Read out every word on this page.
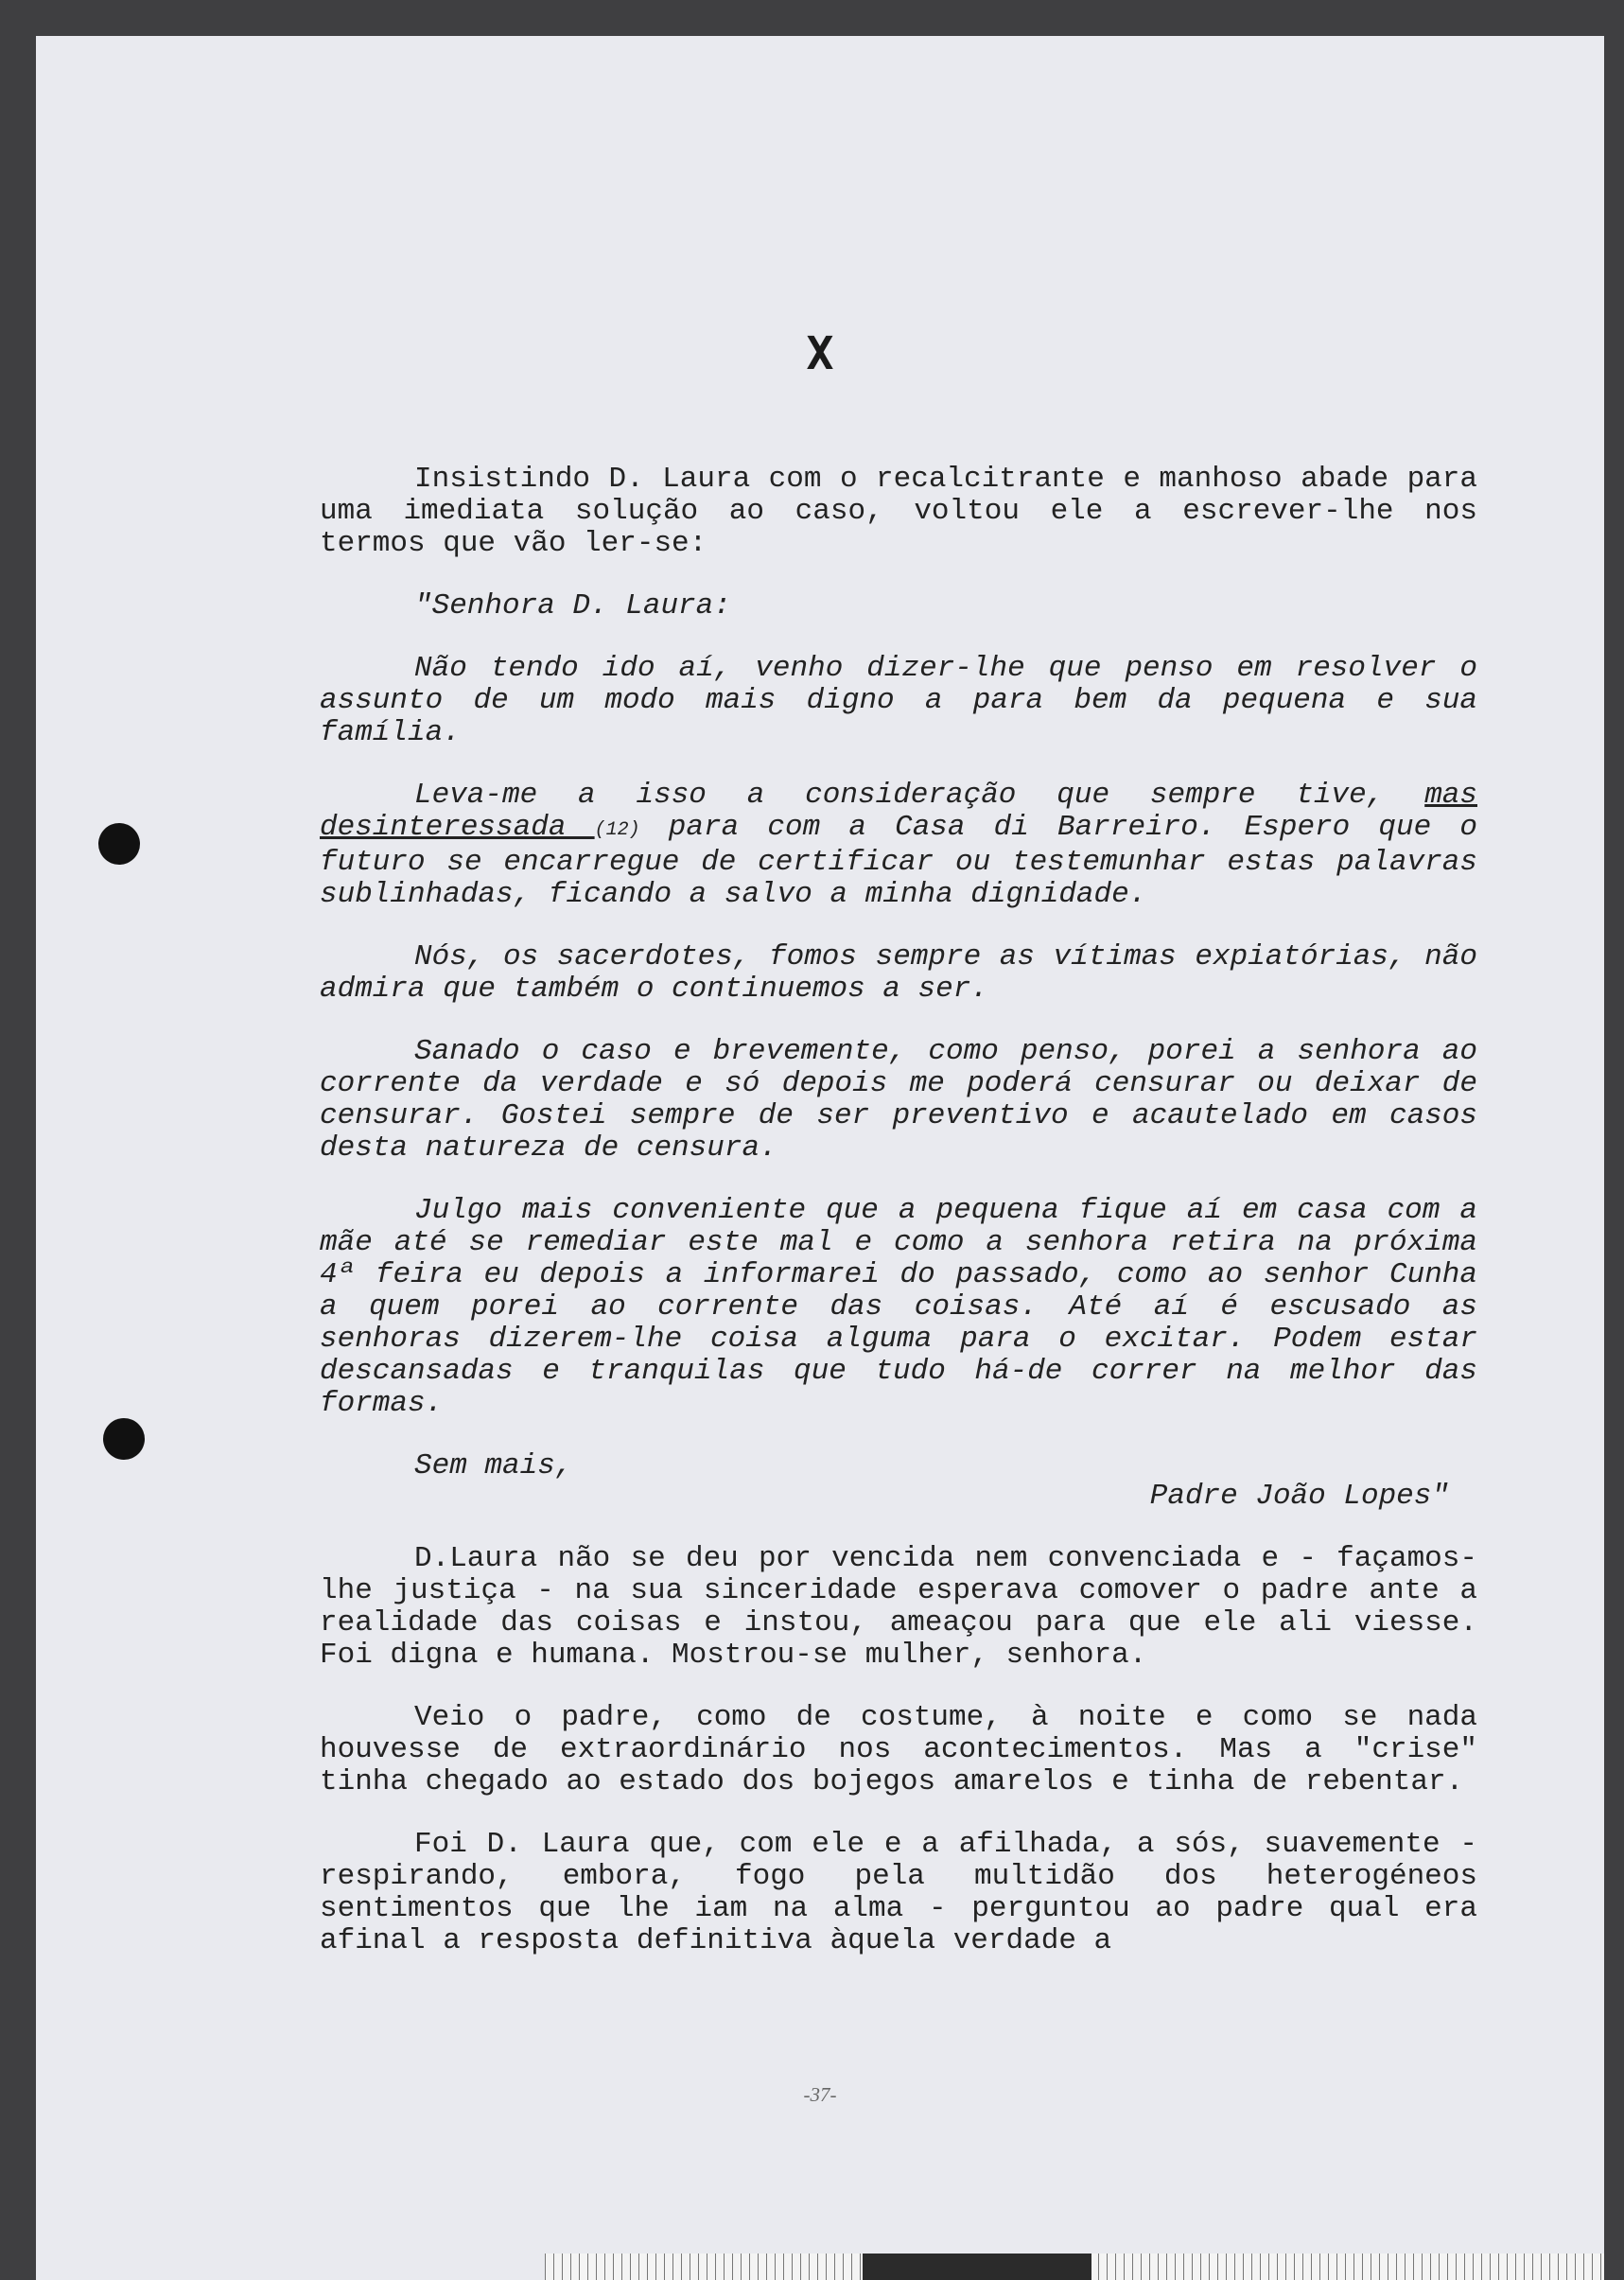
X

Insistindo D. Laura com o recalcitrante e manhoso abade para uma imediata solução ao caso, voltou ele a escrever-lhe nos termos que vão ler-se:

"Senhora D. Laura:

Não tendo ido aí, venho dizer-lhe que penso em resolver o assunto de um modo mais digno a para bem da pequena e sua família.

Leva-me a isso a consideração que sempre tive, mas desinteressada (12) para com a Casa di Barreiro. Espero que o futuro se encarregue de certificar ou testemunhar estas palavras sublinhadas, ficando a salvo a minha dignidade.

Nós, os sacerdotes, fomos sempre as vítimas expiatórias, não admira que também o continuemos a ser.

Sanado o caso e brevemente, como penso, porei a senhora ao corrente da verdade e só depois me poderá censurar ou deixar de censurar. Gostei sempre de ser preventivo e acautelado em casos desta natureza de censura.

Julgo mais conveniente que a pequena fique aí em casa com a mãe até se remediar este mal e como a senhora retira na próxima 4ª feira eu depois a informarei do passado, como ao senhor Cunha a quem porei ao corrente das coisas. Até aí é escusado as senhoras dizerem-lhe coisa alguma para o excitar. Podem estar descansadas e tranquilas que tudo há-de correr na melhor das formas.

Sem mais,

Padre João Lopes"

D.Laura não se deu por vencida nem convenciada e - façamos-lhe justiça - na sua sinceridade esperava comover o padre ante a realidade das coisas e instou, ameaçou para que ele ali viesse. Foi digna e humana. Mostrou-se mulher, senhora.

Veio o padre, como de costume, à noite e como se nada houvesse de extraordinário nos acontecimentos. Mas a "crise" tinha chegado ao estado dos bojegos amarelos e tinha de rebentar.

Foi D. Laura que, com ele e a afilhada, a sós, suavemente - respirando, embora, fogo pela multidão dos heterogéneos sentimentos que lhe iam na alma - perguntou ao padre qual era afinal a resposta definitiva àquela verdade a

-37-
